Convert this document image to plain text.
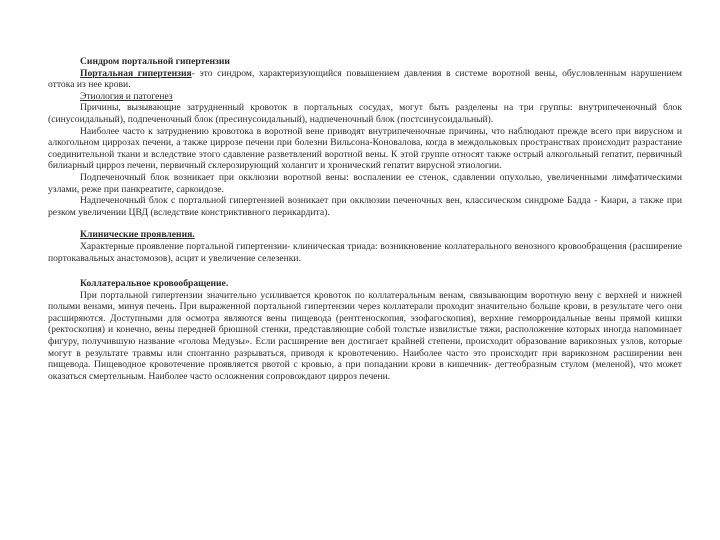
Синдром портальной гипертензии

Портальная гипертензия- это синдром, характеризующийся повышением давления в системе воротной вены, обусловленным нарушением оттока из нее крови.

Этиология и патогенез

Причины, вызывающие затрудненный кровоток в портальных сосудах, могут быть разделены на три группы: внутрипеченочный блок (синусоидальный), подпеченочный блок (пресинусоидальный), надпеченочный блок (постсинусоидальный).

Наиболее часто к затруднению кровотока в воротной вене приводят внутрипеченочные причины, что наблюдают прежде всего при вирусном и алкогольном циррозах печени, а также циррозе печени при болезни Вильсона-Коновалова, когда в междольковых пространствах происходит разрастание соединительной ткани и вследствие этого сдавление разветвлений воротной вены. К этой группе относят также острый алкогольный гепатит, первичный билиарный цирроз печени, первичный склерозирующий холангит и хронический гепатит вирусной этиологии.

Подпеченочный блок возникает при окклюзии воротной вены: воспалении ее стенок, сдавлении опухолью, увеличенными лимфатическими узлами, реже при панкреатите, саркоидозе.

Надпеченочный блок с портальной гипертензией возникает при окклюзии печеночных вен, классическом синдроме Бадда - Киари, а также при резком увеличении ЦВД (вследствие констриктивного перикардита).

Клинические проявления.

Характерные проявление портальной гипертензии- клиническая триада: возникновение коллатерального венозного кровообращения (расширение портокавальных анастомозов), асцит и увеличение селезенки.

Коллатеральное кровообращение.

При портальной гипертензии значительно усиливается кровоток по коллатеральным венам, связывающим воротную вену с верхней и нижней полыми венами, минуя печень. При выраженной портальной гипертензии через коллатерали проходит значительно больше крови, в результате чего они расширяются. Доступными для осмотра являются вены пищевода (рентгеноскопия, эзофагоскопия), верхние геморроидальные вены прямой кишки (ректоскопия) и конечно, вены передней брюшной стенки, представляющие собой толстые извилистые тяжи, расположение которых иногда напоминает фигуру, получившую название «голова Медузы». Если расширение вен достигает крайней степени, происходит образование варикозных узлов, которые могут в результате травмы или спонтанно разрываться, приводя к кровотечению. Наиболее часто это происходит при варикозном расширении вен пищевода. Пищеводное кровотечение проявляется рвотой с кровью, а при попадании крови в кишечник- дегтеобразным стулом (меленой), что может оказаться смертельным. Наиболее часто осложнения сопровождают цирроз печени.
